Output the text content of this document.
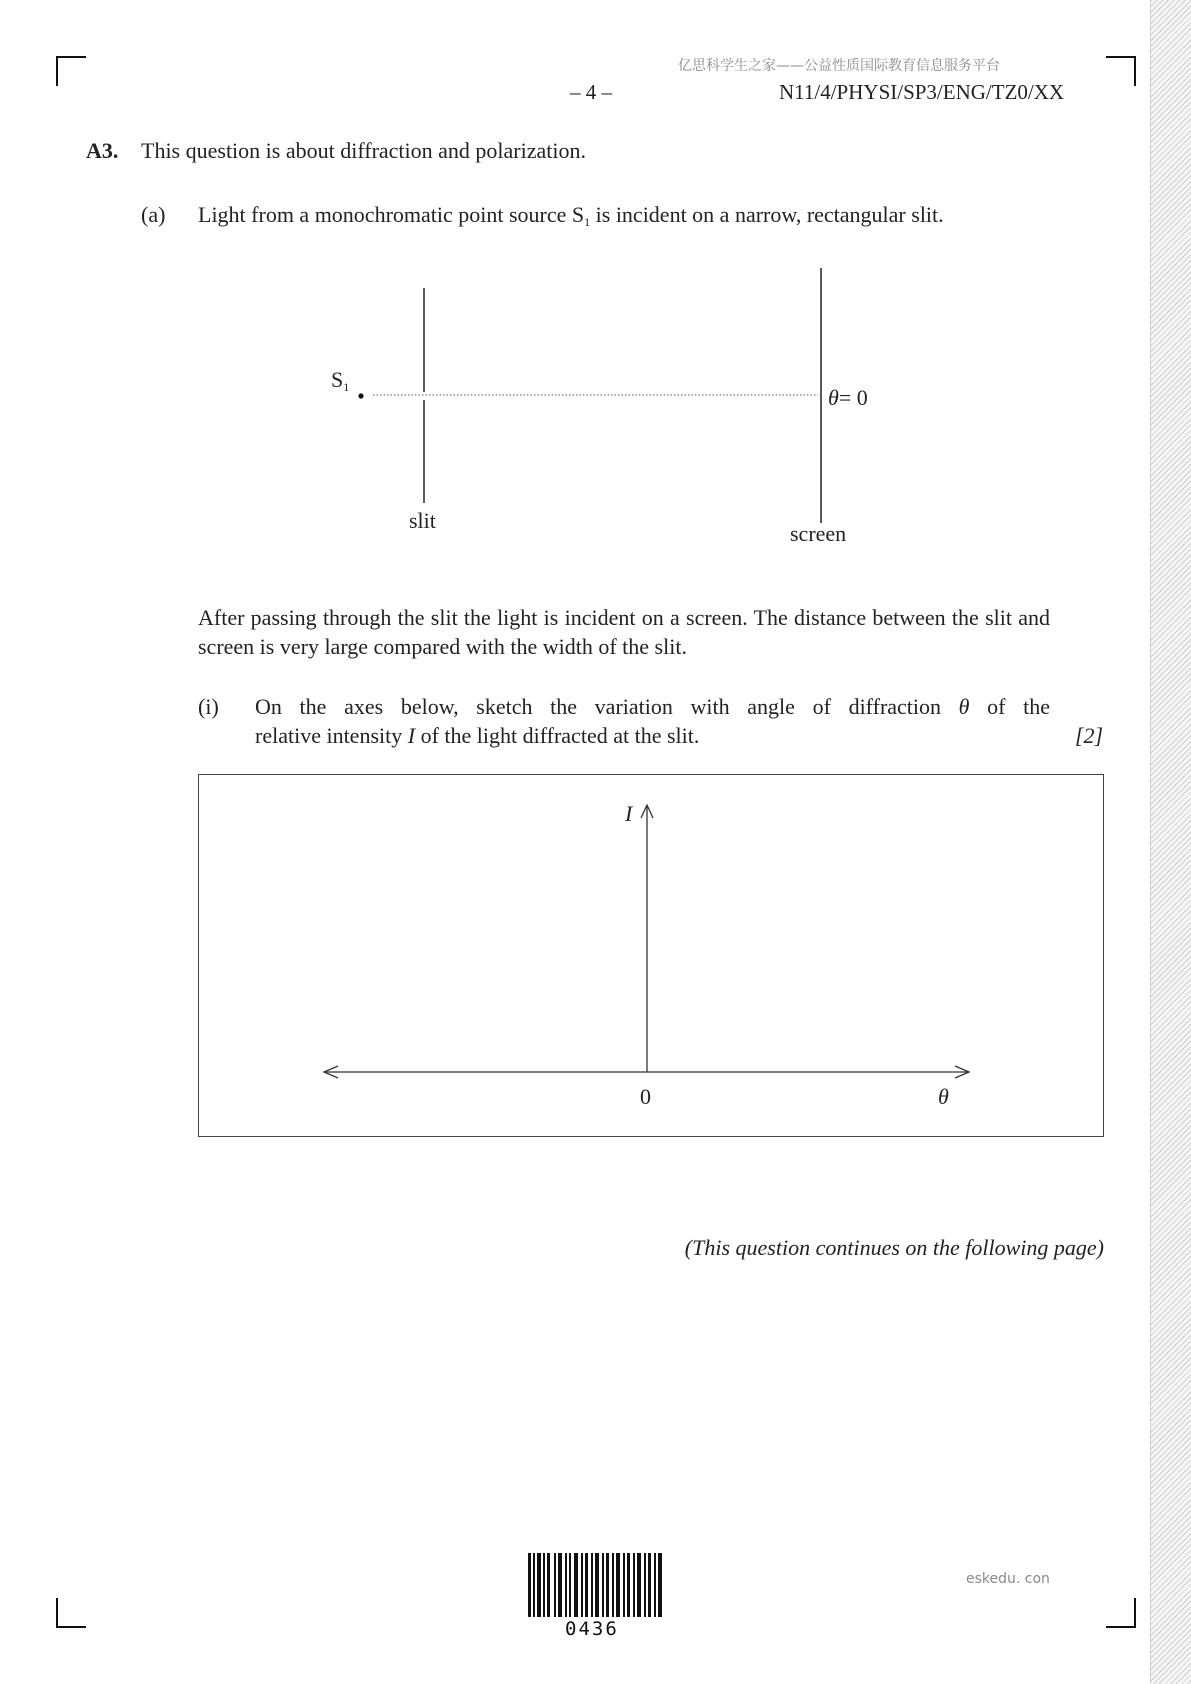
亿思科学生之家——公益性质国际教育信息服务平台
– 4 –	N11/4/PHYSI/SP3/ENG/TZ0/XX
A3. This question is about diffraction and polarization.
(a) Light from a monochromatic point source $S_1$ is incident on a narrow, rectangular slit.
$S_1$	θ= 0
slit
screen
After passing through the slit the light is incident on a screen. The distance between the slit and screen is very large compared with the width of the slit.
(i) On the axes below, sketch the variation with angle of diffraction θ of the
relative intensity I of the light diffracted at the slit.	[2]
I
0	θ
(This question continues on the following page)
0436
eskedu. con
